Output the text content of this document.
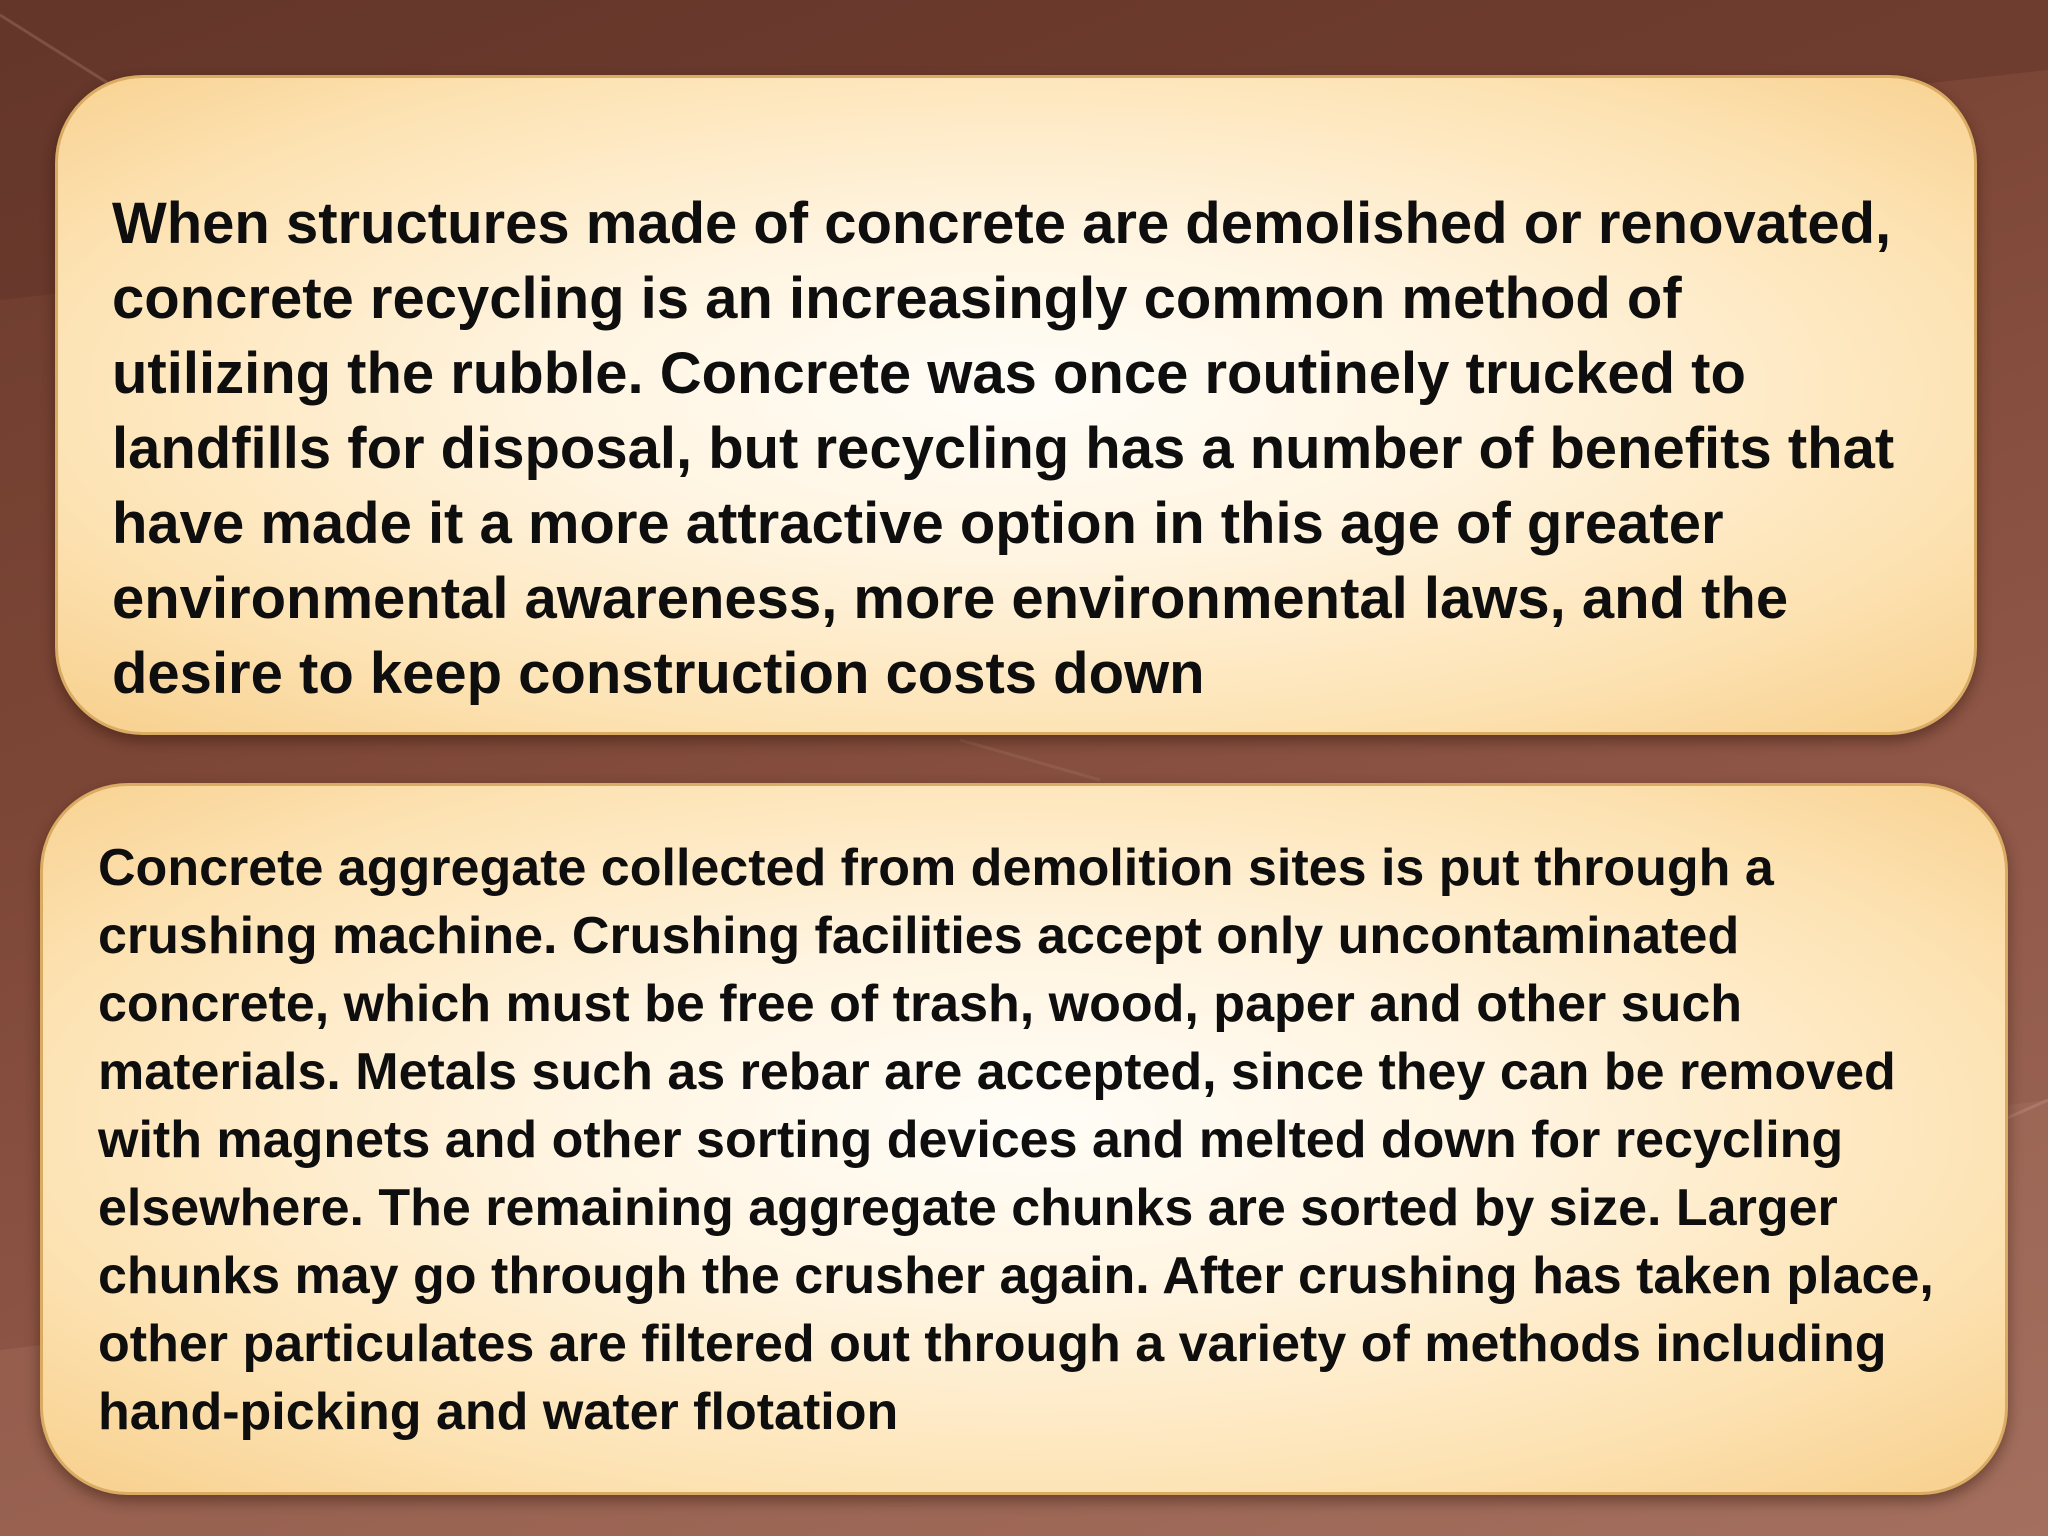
When structures made of concrete are demolished or renovated, concrete recycling is an increasingly common method of utilizing the rubble. Concrete was once routinely trucked to landfills for disposal, but recycling has a number of benefits that have made it a more attractive option in this age of greater environmental awareness, more environmental laws, and the desire to keep construction costs down

Concrete aggregate collected from demolition sites is put through a crushing machine. Crushing facilities accept only uncontaminated concrete, which must be free of trash, wood, paper and other such materials. Metals such as rebar are accepted, since they can be removed with magnets and other sorting devices and melted down for recycling elsewhere. The remaining aggregate chunks are sorted by size. Larger chunks may go through the crusher again. After crushing has taken place, other particulates are filtered out through a variety of methods including hand-picking and water flotation
